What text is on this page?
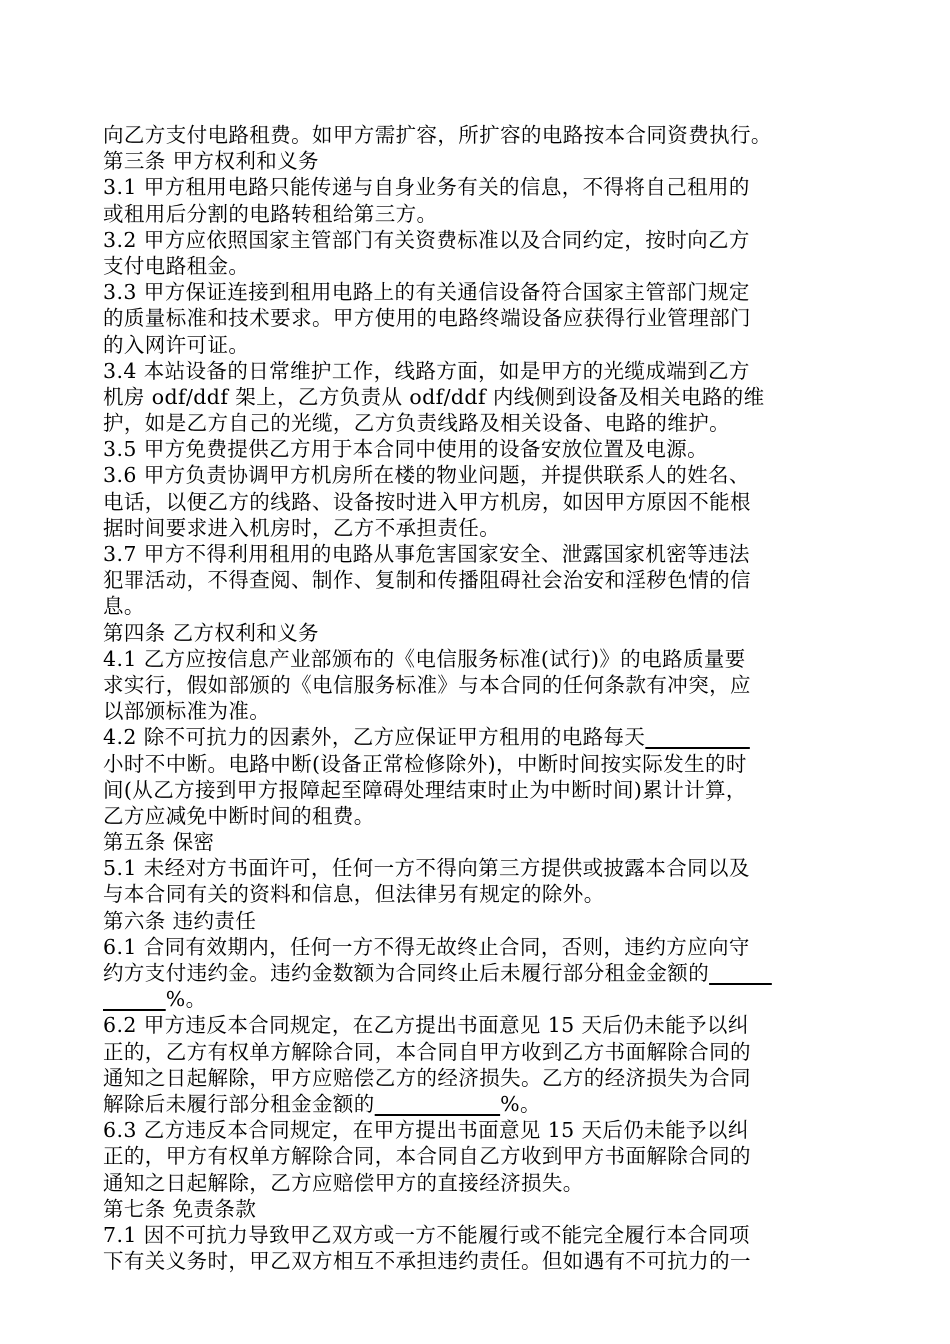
向乙方支付电路租费。如甲方需扩容，所扩容的电路按本合同资费执行。
第三条 甲方权利和义务
3.1 甲方租用电路只能传递与自身业务有关的信息，不得将自己租用的
或租用后分割的电路转租给第三方。
3.2 甲方应依照国家主管部门有关资费标准以及合同约定，按时向乙方
支付电路租金。
3.3 甲方保证连接到租用电路上的有关通信设备符合国家主管部门规定
的质量标准和技术要求。甲方使用的电路终端设备应获得行业管理部门
的入网许可证。
3.4 本站设备的日常维护工作，线路方面，如是甲方的光缆成端到乙方
机房 odf/ddf 架上，乙方负责从 odf/ddf 内线侧到设备及相关电路的维
护，如是乙方自己的光缆，乙方负责线路及相关设备、电路的维护。
3.5 甲方免费提供乙方用于本合同中使用的设备安放位置及电源。
3.6 甲方负责协调甲方机房所在楼的物业问题，并提供联系人的姓名、
电话，以便乙方的线路、设备按时进入甲方机房，如因甲方原因不能根
据时间要求进入机房时，乙方不承担责任。
3.7 甲方不得利用租用的电路从事危害国家安全、泄露国家机密等违法
犯罪活动，不得查阅、制作、复制和传播阻碍社会治安和淫秽色情的信
息。
第四条 乙方权利和义务
4.1 乙方应按信息产业部颁布的《电信服务标准(试行)》的电路质量要
求实行，假如部颁的《电信服务标准》与本合同的任何条款有冲突，应
以部颁标准为准。
4.2 除不可抗力的因素外，乙方应保证甲方租用的电路每天　　　　　
小时不中断。电路中断(设备正常检修除外)，中断时间按实际发生的时
间(从乙方接到甲方报障起至障碍处理结束时止为中断时间)累计计算，
乙方应减免中断时间的租费。
第五条 保密
5.1 未经对方书面许可，任何一方不得向第三方提供或披露本合同以及
与本合同有关的资料和信息，但法律另有规定的除外。
第六条 违约责任
6.1 合同有效期内，任何一方不得无故终止合同，否则，违约方应向守
约方支付违约金。违约金数额为合同终止后未履行部分租金金额的　　　
　　　%。
6.2 甲方违反本合同规定，在乙方提出书面意见 15 天后仍未能予以纠
正的，乙方有权单方解除合同，本合同自甲方收到乙方书面解除合同的
通知之日起解除，甲方应赔偿乙方的经济损失。乙方的经济损失为合同
解除后未履行部分租金金额的　　　　　　	%。
6.3 乙方违反本合同规定，在甲方提出书面意见 15 天后仍未能予以纠
正的，甲方有权单方解除合同，本合同自乙方收到甲方书面解除合同的
通知之日起解除，乙方应赔偿甲方的直接经济损失。
第七条 免责条款
7.1 因不可抗力导致甲乙双方或一方不能履行或不能完全履行本合同项
下有关义务时，甲乙双方相互不承担违约责任。但如遇有不可抗力的一
